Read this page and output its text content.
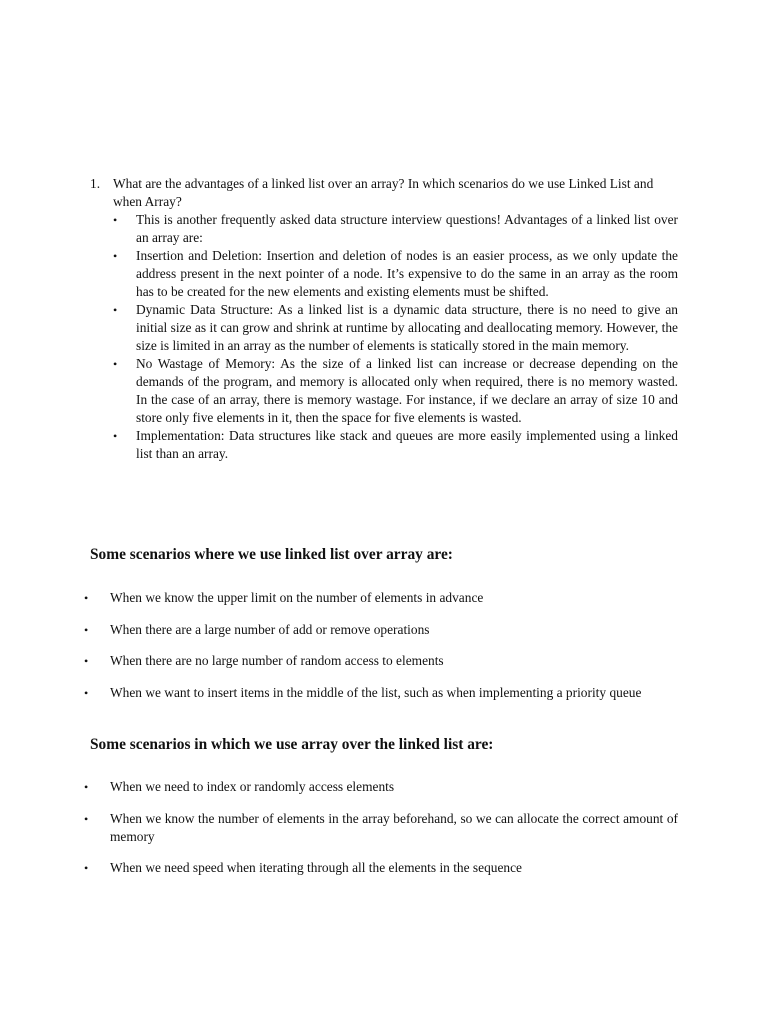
1. What are the advantages of a linked list over an array? In which scenarios do we use Linked List and when Array?
•	This is another frequently asked data structure interview questions! Advantages of a linked list over an array are:
•	Insertion and Deletion: Insertion and deletion of nodes is an easier process, as we only update the address present in the next pointer of a node. It’s expensive to do the same in an array as the room has to be created for the new elements and existing elements must be shifted.
•	Dynamic Data Structure: As a linked list is a dynamic data structure, there is no need to give an initial size as it can grow and shrink at runtime by allocating and deallocating memory. However, the size is limited in an array as the number of elements is statically stored in the main memory.
•	No Wastage of Memory: As the size of a linked list can increase or decrease depending on the demands of the program, and memory is allocated only when required, there is no memory wasted. In the case of an array, there is memory wastage. For instance, if we declare an array of size 10 and store only five elements in it, then the space for five elements is wasted.
•	Implementation: Data structures like stack and queues are more easily implemented using a linked list than an array.
Some scenarios where we use linked list over array are:
•	When we know the upper limit on the number of elements in advance
•	When there are a large number of add or remove operations
•	When there are no large number of random access to elements
•	When we want to insert items in the middle of the list, such as when implementing a priority queue
Some scenarios in which we use array over the linked list are:
•	When we need to index or randomly access elements
•	When we know the number of elements in the array beforehand, so we can allocate the correct amount of memory
•	When we need speed when iterating through all the elements in the sequence
